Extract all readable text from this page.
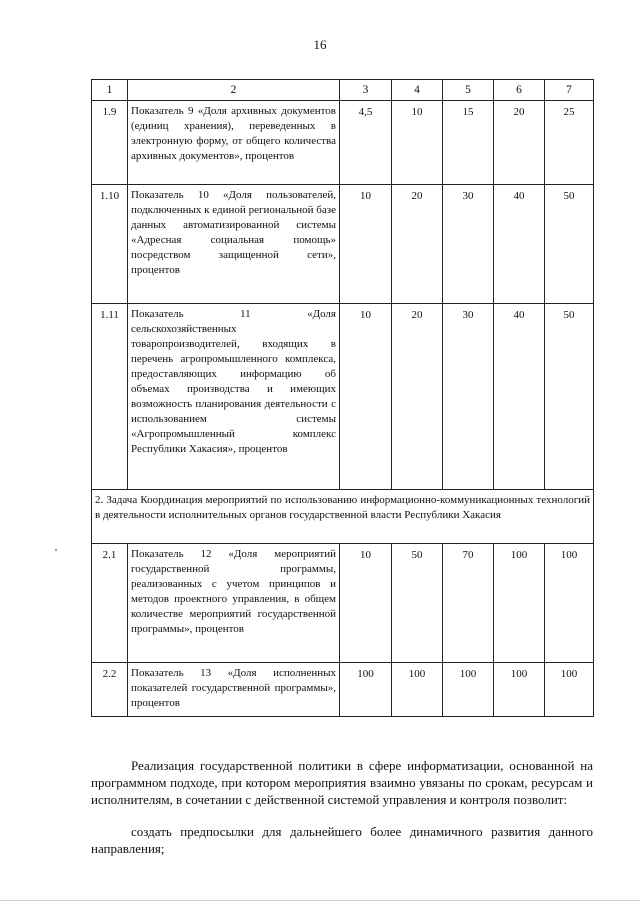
16
1	2	3	4	5	6	7
1.9	Показатель 9 «Доля архивных документов (единиц хранения), переведенных в электронную форму, от общего количества архивных документов», процентов	4,5	10	15	20	25
1.10	Показатель 10 «Доля пользователей, подключенных к единой региональной базе данных автоматизированной системы «Адресная социальная помощь» посредством защищенной сети», процентов	10	20	30	40	50
1.11	Показатель 11 «Доля сельскохозяйственных товаропроизводителей, входящих в перечень агропромышленного комплекса, предоставляющих информацию об объемах производства и имеющих возможность планирования деятельности с использованием системы «Агропромышленный комплекс Республики Хакасия», процентов	10	20	30	40	50
2. Задача Координация мероприятий по использованию информационно-коммуникационных технологий в деятельности исполнительных органов государственной власти Республики Хакасия						
2.1	Показатель 12 «Доля мероприятий государственной программы, реализованных с учетом принципов и методов проектного управления, в общем количестве мероприятий государственной программы», процентов	10	50	70	100	100
2.2	Показатель 13 «Доля исполненных показателей государственной программы», процентов	100	100	100	100	100

Реализация государственной политики в сфере информатизации, основанной на программном подходе, при котором мероприятия взаимно увязаны по срокам, ресурсам и исполнителям, в сочетании с действенной системой управления и контроля позволит:

создать предпосылки для дальнейшего более динамичного развития данного направления;
